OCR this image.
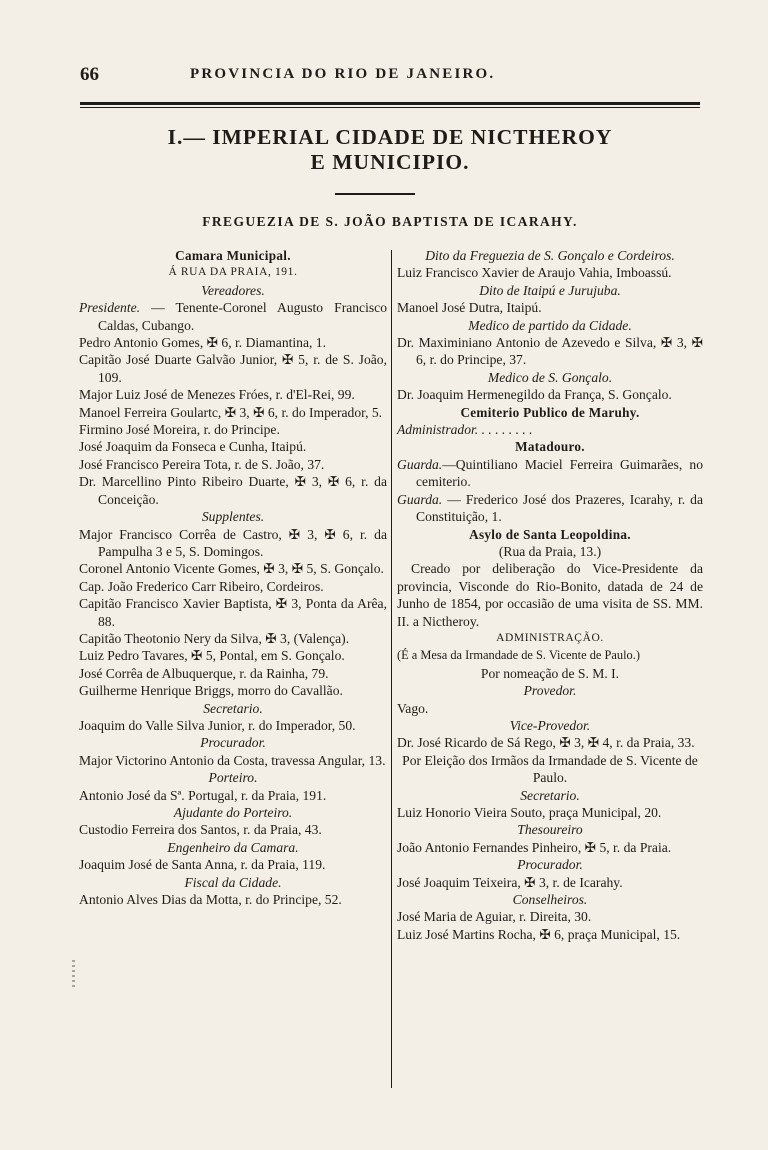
66	PROVINCIA DO RIO DE JANEIRO.
I.— IMPERIAL CIDADE DE NICTHEROY
E MUNICIPIO.
FREGUEZIA DE S. JOÃO BAPTISTA DE ICARAHY.
Camara Municipal.
Á RUA DA PRAIA, 191.
Vereadores.
Presidente. — Tenente-Coronel Augusto Francisco Caldas, Cubango.
Pedro Antonio Gomes, ✠ 6, r. Diamantina, 1.
Capitão José Duarte Galvão Junior, ✠ 5, r. de S. João, 109.
Major Luiz José de Menezes Fróes, r. d'El-Rei, 99.
Manoel Ferreira Goulartc, ✠ 3, ✠ 6, r. do Imperador, 5.
Firmino José Moreira, r. do Principe.
José Joaquim da Fonseca e Cunha, Itaipú.
José Francisco Pereira Tota, r. de S. João, 37.
Dr. Marcellino Pinto Ribeiro Duarte, ✠ 3, ✠ 6, r. da Conceição.
Supplentes.
Major Francisco Corrêa de Castro, ✠ 3, ✠ 6, r. da Pampulha 3 e 5, S. Domingos.
Coronel Antonio Vicente Gomes, ✠ 3, ✠ 5, S. Gonçalo.
Cap. João Frederico Carr Ribeiro, Cordeiros.
Capitão Francisco Xavier Baptista, ✠ 3, Ponta da Arêa, 88.
Capitão Theotonio Nery da Silva, ✠ 3, (Valença).
Luiz Pedro Tavares, ✠ 5, Pontal, em S. Gonçalo.
José Corrêa de Albuquerque, r. da Rainha, 79.
Guilherme Henrique Briggs, morro do Cavallão.
Secretario.
Joaquim do Valle Silva Junior, r. do Imperador, 50.
Procurador.
Major Victorino Antonio da Costa, travessa Angular, 13.
Porteiro.
Antonio José da Sª. Portugal, r. da Praia, 191.
Ajudante do Porteiro.
Custodio Ferreira dos Santos, r. da Praia, 43.
Engenheiro da Camara.
Joaquim José de Santa Anna, r. da Praia, 119.
Fiscal da Cidade.
Antonio Alves Dias da Motta, r. do Principe, 52.
Dito da Freguezia de S. Gonçalo e Cordeiros.
Luiz Francisco Xavier de Araujo Vahia, Imboassú.
Dito de Itaipú e Jurujuba.
Manoel José Dutra, Itaipú.
Medico de partido da Cidade.
Dr. Maximiniano Antonio de Azevedo e Silva, ✠ 3, ✠ 6, r. do Principe, 37.
Medico de S. Gonçalo.
Dr. Joaquim Hermenegildo da França, S. Gonçalo.
Cemiterio Publico de Maruhy.
Administrador. . . . . . . . .
Matadouro.
Guarda.—Quintiliano Maciel Ferreira Guimarães, no cemiterio.
Guarda. — Frederico José dos Prazeres, Icarahy, r. da Constituição, 1.
Asylo de Santa Leopoldina.
(Rua da Praia, 13.)
Creado por deliberação do Vice-Presidente da provincia, Visconde do Rio-Bonito, datada de 24 de Junho de 1854, por occasião de uma visita de SS. MM. II. a Nictheroy.
ADMINISTRAÇÃO.
(É a Mesa da Irmandade de S. Vicente de Paulo.)
Por nomeação de S. M. I.
Provedor.
Vago.
Vice-Provedor.
Dr. José Ricardo de Sá Rego, ✠ 3, ✠ 4, r. da Praia, 33.
Por Eleição dos Irmãos da Irmandade de S. Vicente de Paulo.
Secretario.
Luiz Honorio Vieira Souto, praça Municipal, 20.
Thesoureiro
João Antonio Fernandes Pinheiro, ✠ 5, r. da Praia.
Procurador.
José Joaquim Teixeira, ✠ 3, r. de Icarahy.
Conselheiros.
José Maria de Aguiar, r. Direita, 30.
Luiz José Martins Rocha, ✠ 6, praça Municipal, 15.
